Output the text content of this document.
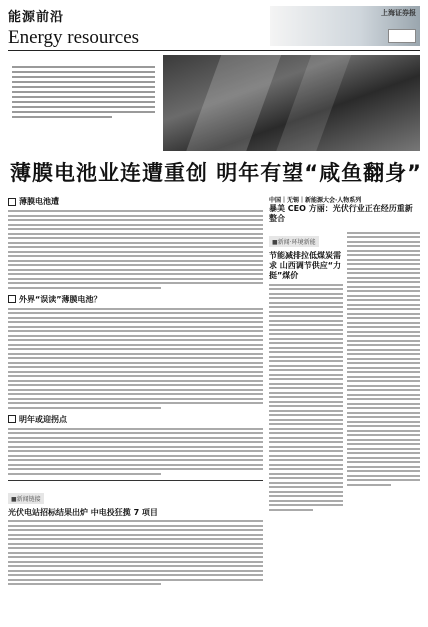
能源前沿
Energy resources
上海证券报
薄膜电池业连遭重创 明年有望“咸鱼翻身”
薄膜电池遭
外界“误读”薄膜电池？
明年或迎拐点
■新闻链接
光伏电站招标结果出炉 中电投狂揽 7 项目
中国｜无锡｜新能源大会·人物系列
暴美 CEO 方丽：光伏行业正在经历重新整合
■新闻·环境新能
节能减排拉低煤炭需求 山西调节供应“力挺”煤价
